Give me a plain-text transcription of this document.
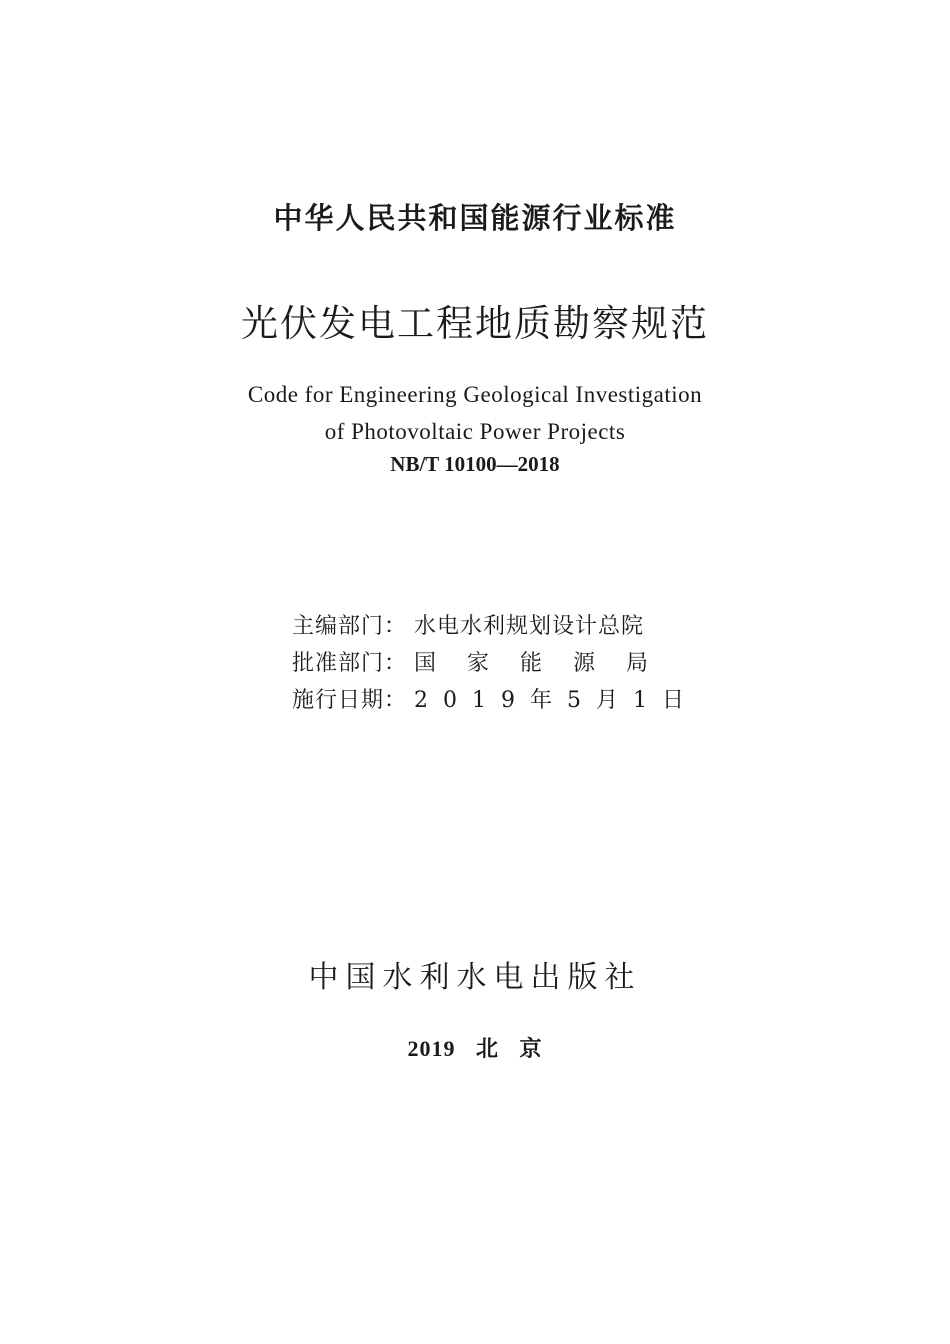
中华人民共和国能源行业标准
光伏发电工程地质勘察规范
Code for Engineering Geological Investigation
of Photovoltaic Power Projects
NB/T 10100—2018
主编部门： 水电水利规划设计总院
批准部门： 国家能源局
施行日期： 2019年5月1日
中国水利水电出版社
2019 北 京
